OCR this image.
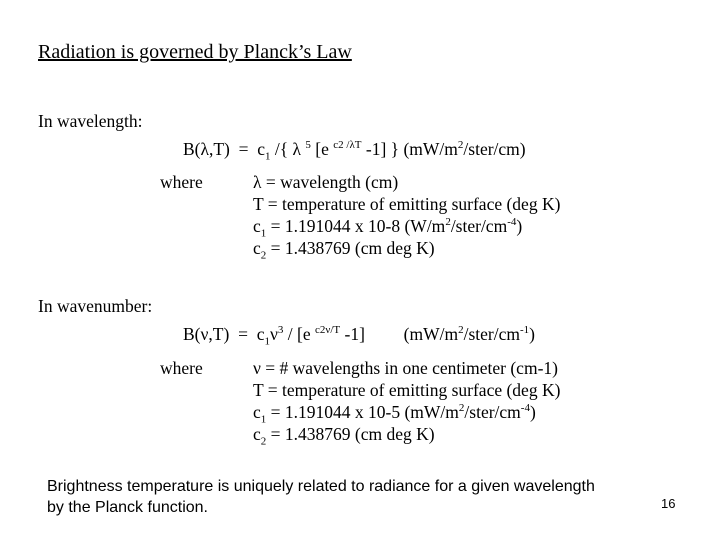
Radiation is governed by Planck’s Law
In wavelength:
$B(\lambda,T) = c_1$ /{ λ $^5$ [e $^{c2 /\lambda T}$ -1] } $(mW/m^2/ster/cm)$
where	λ = wavelength (cm)
T = temperature of emitting surface (deg K)
$c_1 = 1.191044$ x 10-8 $(W/m^2/ster/cm^{-4})$
$c_2 = 1.438769$ (cm deg K)
In wavenumber:
$B(\nu,T) = c_1\nu^3 / [e$ $^{c2\nu/T}$ -1] $(mW/m^2/ster/cm^{-1})$
where	ν = # wavelengths in one centimeter (cm-1)
T = temperature of emitting surface (deg K)
$c_1 = 1.191044$ x 10-5 $(mW/m^2/ster/cm^{-4})$
$c_2 = 1.438769$ (cm deg K)
Brightness temperature is uniquely related to radiance for a given wavelength by the Planck function.	16
